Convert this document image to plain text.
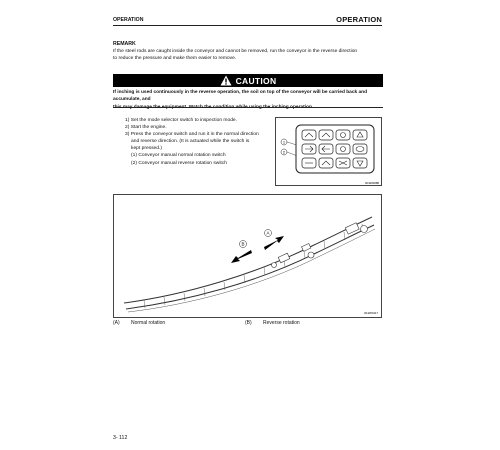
OPERATION	OPERATION
REMARK
If the steel rods are caught inside the conveyor and cannot be removed, run the conveyor in the reverse direction
to reduce the pressure and make them easier to remove.
CAUTION
If inching is used continuously in the reverse operation, the soil on top of the conveyor will be carried back and accumulate, and
this may damage the equipment. Watch the condition while using the inching operation.
1) Set the mode selector switch to inspection mode.
2) Start the engine.
3) Press the conveyor switch and run it in the normal direction
and reverse direction. (It is actuated while the switch is
kept pressed.)
(1) Conveyor manual normal rotation switch
(2) Conveyor manual reverse rotation switch
1
2
RLW00088
A
B
RLW00117
(A) Normal rotation	(B) Reverse rotation
3- 112
